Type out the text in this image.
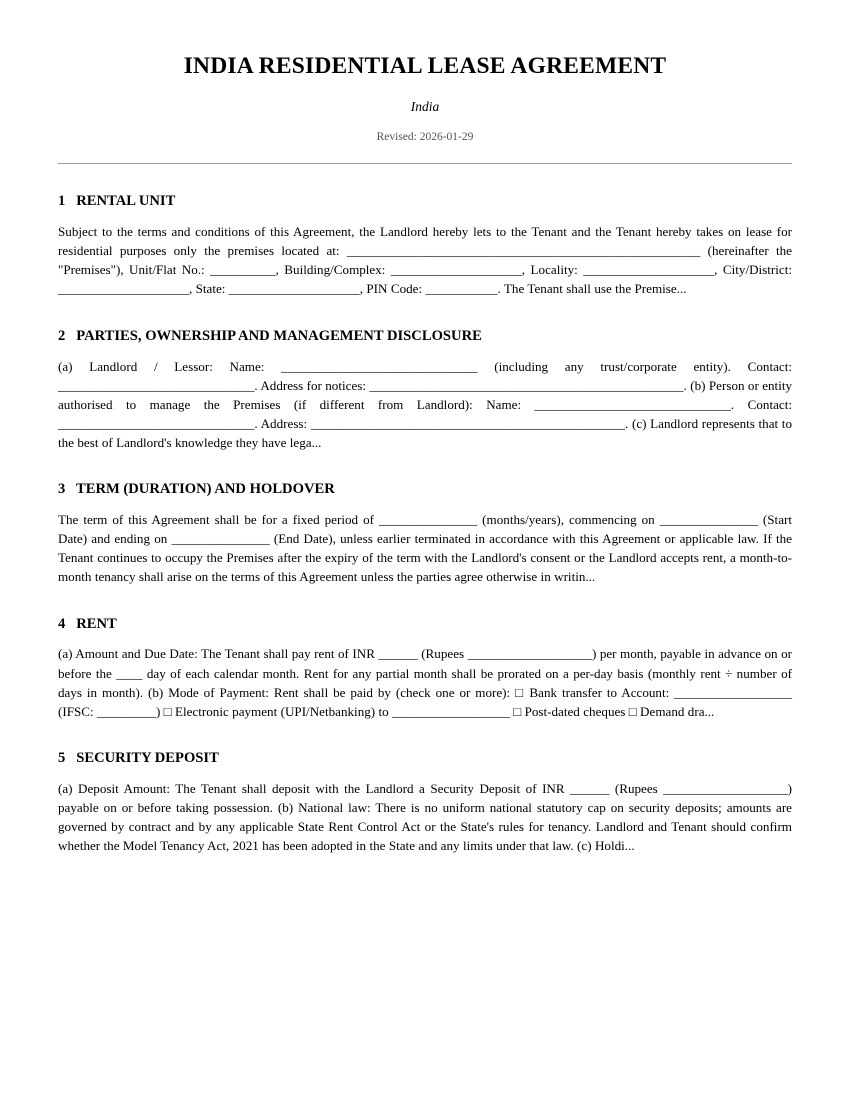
INDIA RESIDENTIAL LEASE AGREEMENT

India

Revised: 2026-01-29

1   RENTAL UNIT

Subject to the terms and conditions of this Agreement, the Landlord hereby lets to the Tenant and the Tenant hereby takes on lease for residential purposes only the premises located at: ______________________________________________________ (hereinafter the "Premises"), Unit/Flat No.: __________, Building/Complex: ____________________, Locality: ____________________, City/District: ____________________, State: ____________________, PIN Code: ___________. The Tenant shall use the Premise...

2   PARTIES, OWNERSHIP AND MANAGEMENT DISCLOSURE

(a) Landlord / Lessor: Name: ______________________________ (including any trust/corporate entity). Contact: ______________________________. Address for notices: ________________________________________________. (b) Person or entity authorised to manage the Premises (if different from Landlord): Name: ______________________________. Contact: ______________________________. Address: ________________________________________________. (c) Landlord represents that to the best of Landlord's knowledge they have lega...

3   TERM (DURATION) AND HOLDOVER

The term of this Agreement shall be for a fixed period of _______________ (months/years), commencing on _______________ (Start Date) and ending on _______________ (End Date), unless earlier terminated in accordance with this Agreement or applicable law. If the Tenant continues to occupy the Premises after the expiry of the term with the Landlord's consent or the Landlord accepts rent, a month-to-month tenancy shall arise on the terms of this Agreement unless the parties agree otherwise in writin...

4   RENT

(a) Amount and Due Date: The Tenant shall pay rent of INR ______ (Rupees ___________________) per month, payable in advance on or before the ____ day of each calendar month. Rent for any partial month shall be prorated on a per-day basis (monthly rent ÷ number of days in month). (b) Mode of Payment: Rent shall be paid by (check one or more): □ Bank transfer to Account: __________________ (IFSC: _________) □ Electronic payment (UPI/Netbanking) to __________________ □ Post-dated cheques □ Demand dra...

5   SECURITY DEPOSIT

(a) Deposit Amount: The Tenant shall deposit with the Landlord a Security Deposit of INR ______ (Rupees ___________________) payable on or before taking possession. (b) National law: There is no uniform national statutory cap on security deposits; amounts are governed by contract and by any applicable State Rent Control Act or the State's rules for tenancy. Landlord and Tenant should confirm whether the Model Tenancy Act, 2021 has been adopted in the State and any limits under that law. (c) Holdi...
